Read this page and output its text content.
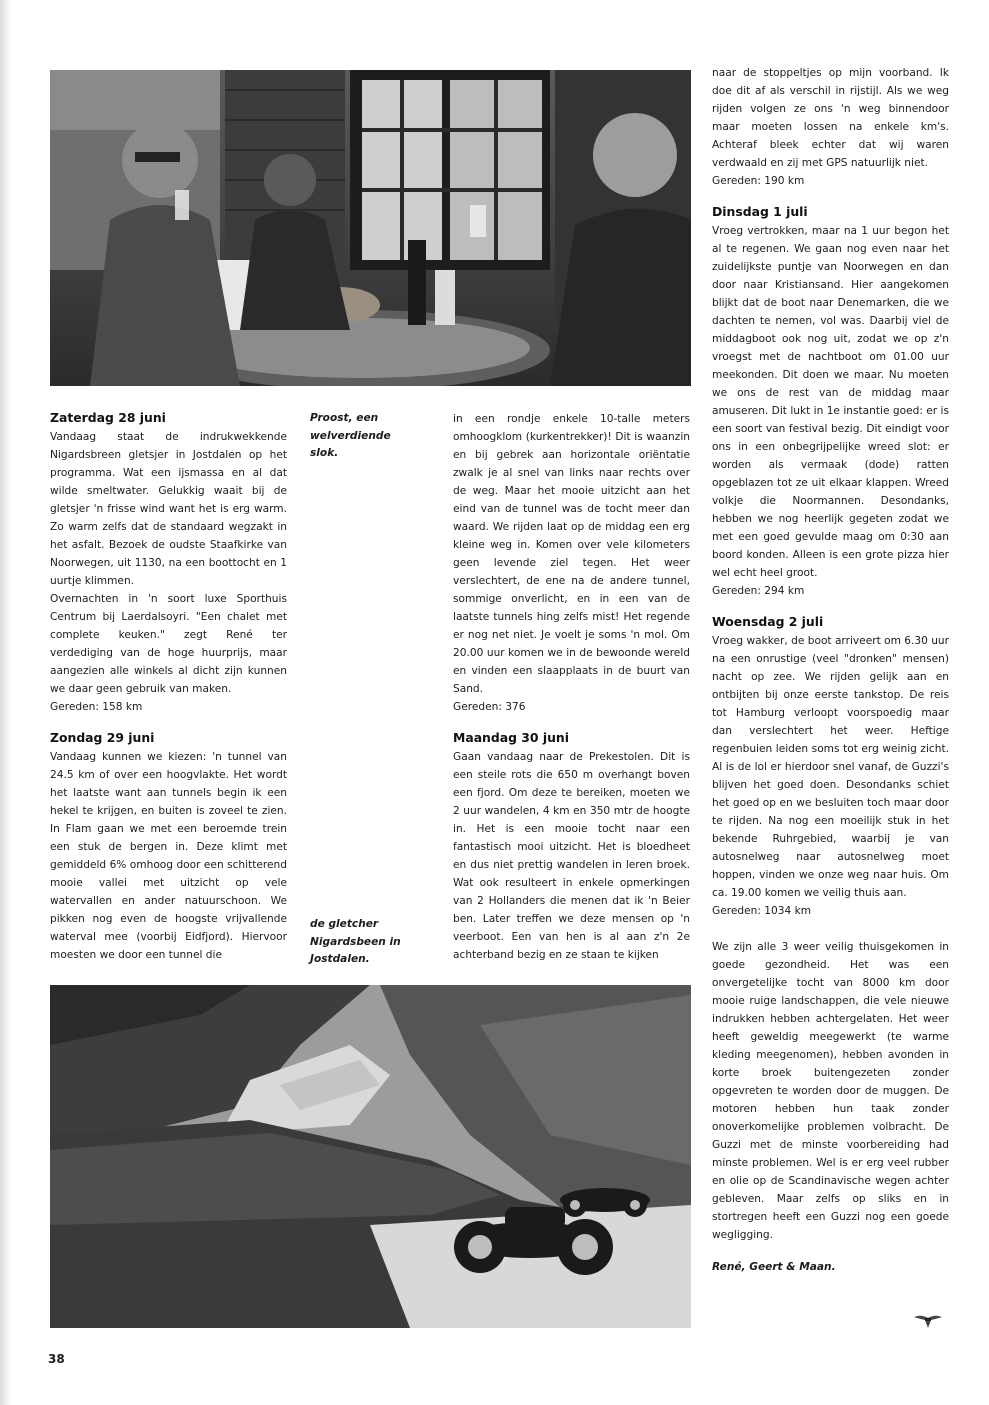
Zaterdag 28 juni

Vandaag staat de indrukwekkende Nigardsbreen gletsjer in Jostdalen op het programma. Wat een ijsmassa en al dat wilde smeltwater. Gelukkig waait bij de gletsjer 'n frisse wind want het is erg warm. Zo warm zelfs dat de standaard wegzakt in het asfalt. Bezoek de oudste Staafkirke van Noorwegen, uit 1130, na een boottocht en 1 uurtje klimmen.

Overnachten in 'n soort luxe Sporthuis Centrum bij Laerdalsoyri. "Een chalet met complete keuken." zegt René ter verdediging van de hoge huurprijs, maar aangezien alle winkels al dicht zijn kunnen we daar geen gebruik van maken.

Gereden: 158 km

Zondag 29 juni

Vandaag kunnen we kiezen: 'n tunnel van 24.5 km of over een hoogvlakte. Het wordt het laatste want aan tunnels begin ik een hekel te krijgen, en buiten is zoveel te zien. In Flam gaan we met een beroemde trein een stuk de bergen in. Deze klimt met gemiddeld 6% omhoog door een schitterend mooie vallei met uitzicht op vele watervallen en ander natuurschoon. We pikken nog even de hoogste vrijvallende waterval mee (voorbij Eidfjord). Hiervoor moesten we door een tunnel die

Proost, een welverdiende slok.
de gletcher Nigardsbeen in Jostdalen.

in een rondje enkele 10-talle meters omhoogklom (kurkentrekker)! Dit is waanzin en bij gebrek aan horizontale oriëntatie zwalk je al snel van links naar rechts over de weg. Maar het mooie uitzicht aan het eind van de tunnel was de tocht meer dan waard. We rijden laat op de middag een erg kleine weg in. Komen over vele kilometers geen levende ziel tegen. Het weer verslechtert, de ene na de andere tunnel, sommige onverlicht, en in een van de laatste tunnels hing zelfs mist! Het regende er nog net niet. Je voelt je soms 'n mol. Om 20.00 uur komen we in de bewoonde wereld en vinden een slaapplaats in de buurt van Sand.

Gereden: 376

Maandag 30 juni

Gaan vandaag naar de Prekestolen. Dit is een steile rots die 650 m overhangt boven een fjord. Om deze te bereiken, moeten we 2 uur wandelen, 4 km en 350 mtr de hoogte in. Het is een mooie tocht naar een fantastisch mooi uitzicht. Het is bloedheet en dus niet prettig wandelen in leren broek. Wat ook resulteert in enkele opmerkingen van 2 Hollanders die menen dat ik 'n Beier ben. Later treffen we deze mensen op 'n veerboot. Een van hen is al aan z'n 2e achterband bezig en ze staan te kijken

naar de stoppeltjes op mijn voorband. Ik doe dit af als verschil in rijstijl. Als we weg rijden volgen ze ons 'n weg binnendoor maar moeten lossen na enkele km's. Achteraf bleek echter dat wij waren verdwaald en zij met GPS natuurlijk niet.

Gereden: 190 km

Dinsdag 1 juli

Vroeg vertrokken, maar na 1 uur begon het al te regenen. We gaan nog even naar het zuidelijkste puntje van Noorwegen en dan door naar Kristiansand. Hier aangekomen blijkt dat de boot naar Denemarken, die we dachten te nemen, vol was. Daarbij viel de middagboot ook nog uit, zodat we op z'n vroegst met de nachtboot om 01.00 uur meekonden. Dit doen we maar. Nu moeten we ons de rest van de middag maar amuseren. Dit lukt in 1e instantie goed: er is een soort van festival bezig. Dit eindigt voor ons in een onbegrijpelijke wreed slot: er worden als vermaak (dode) ratten opgeblazen tot ze uit elkaar klappen. Wreed volkje die Noormannen. Desondanks, hebben we nog heerlijk gegeten zodat we met een goed gevulde maag om 0:30 aan boord konden. Alleen is een grote pizza hier wel echt heel groot.

Gereden: 294 km

Woensdag 2 juli

Vroeg wakker, de boot arriveert om 6.30 uur na een onrustige (veel "dronken" mensen) nacht op zee. We rijden gelijk aan en ontbijten bij onze eerste tankstop. De reis tot Hamburg verloopt voorspoedig maar dan verslechtert het weer. Heftige regenbuien leiden soms tot erg weinig zicht. Al is de lol er hierdoor snel vanaf, de Guzzi's blijven het goed doen. Desondanks schiet het goed op en we besluiten toch maar door te rijden. Na nog een moeilijk stuk in het bekende Ruhrgebied, waarbij je van autosnelweg naar autosnelweg moet hoppen, vinden we onze weg naar huis. Om ca. 19.00 komen we veilig thuis aan.

Gereden: 1034 km

We zijn alle 3 weer veilig thuisgekomen in goede gezondheid. Het was een onvergetelijke tocht van 8000 km door mooie ruige landschappen, die vele nieuwe indrukken hebben achtergelaten. Het weer heeft geweldig meegewerkt (te warme kleding meegenomen), hebben avonden in korte broek buitengezeten zonder opgevreten te worden door de muggen. De motoren hebben hun taak zonder onoverkomelijke problemen volbracht. De Guzzi met de minste voorbereiding had minste problemen. Wel is er erg veel rubber en olie op de Scandinavische wegen achter gebleven. Maar zelfs op sliks en in stortregen heeft een Guzzi nog een goede wegligging.

René, Geert & Maan.

38
